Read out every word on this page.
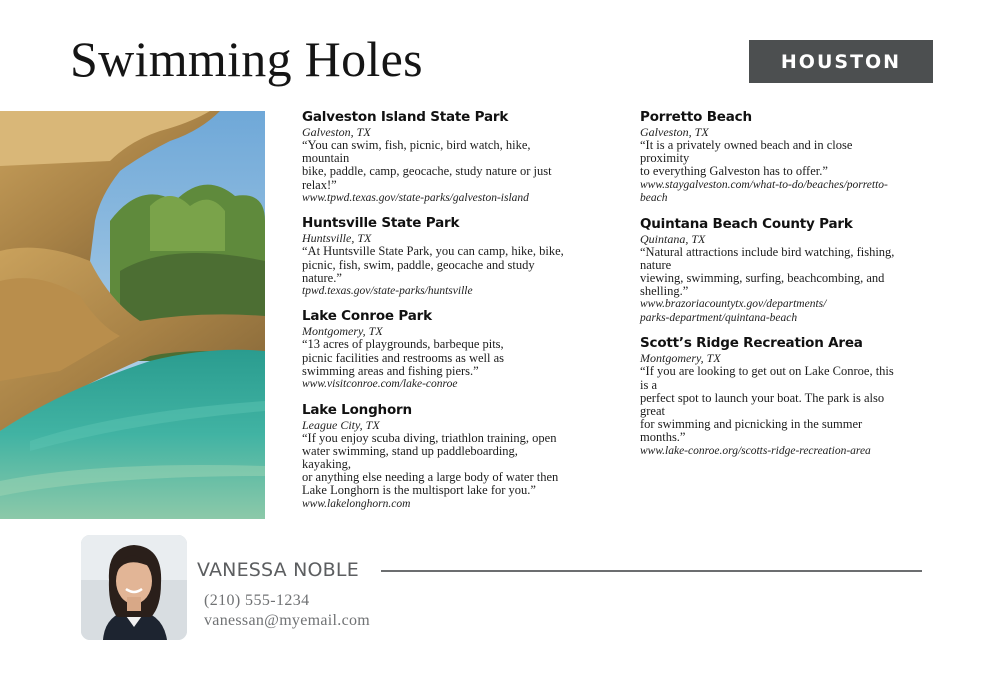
Swimming Holes	HOUSTON
Galveston Island State Park
Galveston, TX
“You can swim, fish, picnic, bird watch, hike,
mountain
bike, paddle, camp, geocache, study nature or just
relax!”
www.tpwd.texas.gov/state-parks/galveston-island
Huntsville State Park
Huntsville, TX
“At Huntsville State Park, you can camp, hike, bike,
picnic, fish, swim, paddle, geocache and study
nature.”
tpwd.texas.gov/state-parks/huntsville
Lake Conroe Park
Montgomery, TX
“13 acres of playgrounds, barbeque pits,
picnic facilities and restrooms as well as
swimming areas and fishing piers.”
www.visitconroe.com/lake-conroe
Lake Longhorn
League City, TX
“If you enjoy scuba diving, triathlon training, open
water swimming, stand up paddleboarding,
kayaking,
or anything else needing a large body of water then
Lake Longhorn is the multisport lake for you.”
www.lakelonghorn.com
Porretto Beach
Galveston, TX
“It is a privately owned beach and in close
proximity
to everything Galveston has to offer.”
www.staygalveston.com/what-to-do/beaches/porretto-
beach
Quintana Beach County Park
Quintana, TX
“Natural attractions include bird watching, fishing,
nature
viewing, swimming, surfing, beachcombing, and
shelling.”
www.brazoriacountytx.gov/departments/
parks-department/quintana-beach
Scott’s Ridge Recreation Area
Montgomery, TX
“If you are looking to get out on Lake Conroe, this
is a
perfect spot to launch your boat. The park is also
great
for swimming and picnicking in the summer
months.”
www.lake-conroe.org/scotts-ridge-recreation-area
VANESSA NOBLE
(210) 555-1234
vanessan@myemail.com
